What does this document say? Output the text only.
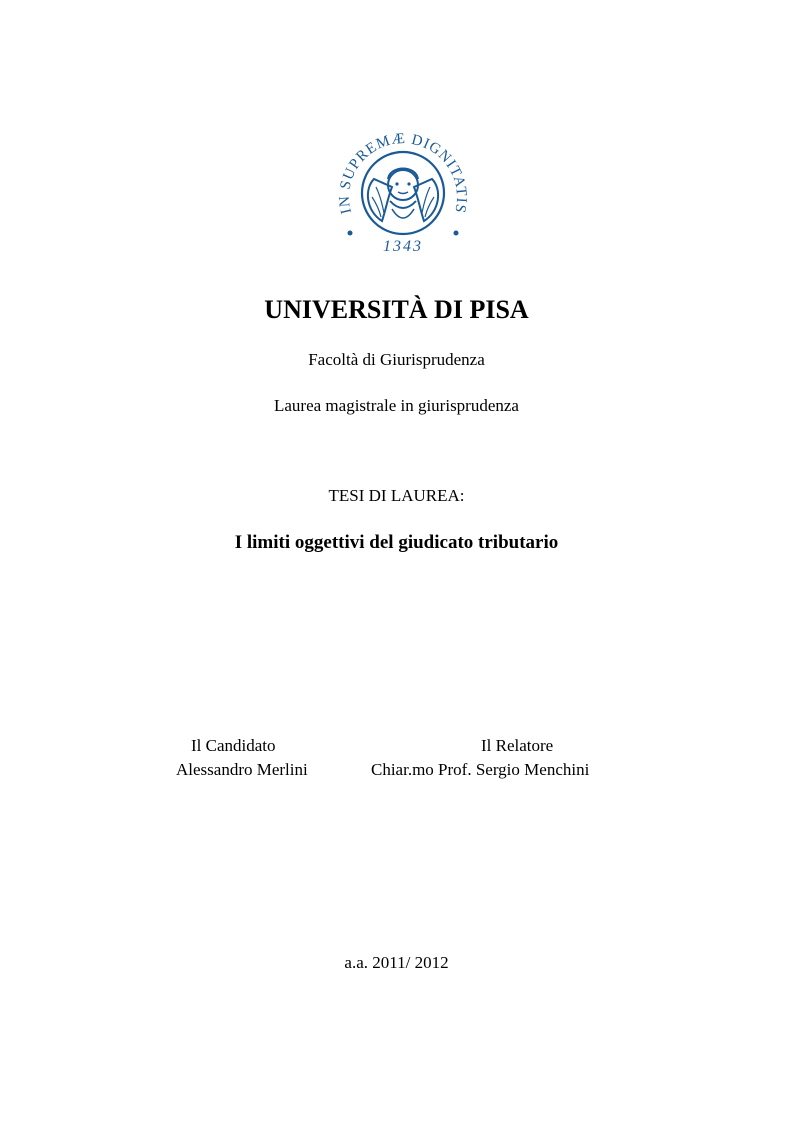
IN SUPREMÆ DIGNITATIS
1343
UNIVERSITÀ DI PISA
Facoltà di Giurisprudenza
Laurea magistrale in giurisprudenza
TESI DI LAUREA:
I limiti oggettivi del giudicato tributario
Il Candidato
Alessandro Merlini
Il Relatore
Chiar.mo Prof. Sergio Menchini
a.a. 2011/ 2012
